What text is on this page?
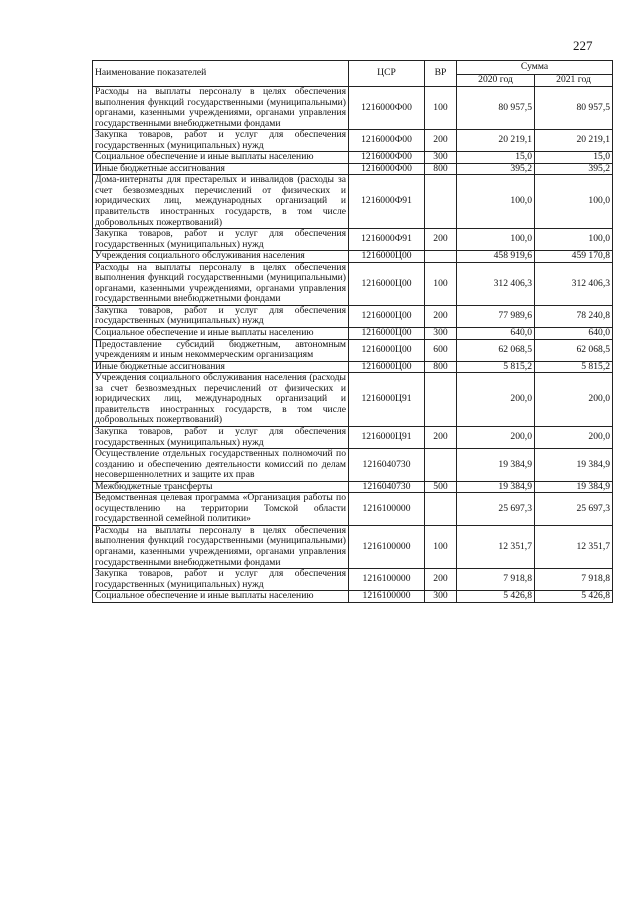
227
Наименование показателей	ЦСР	ВР	Сумма	
			2020 год	2021 год
Расходы на выплаты персоналу в целях обеспечения выполнения функций государственными (муниципальными) органами, казенными учреждениями, органами управления государственными внебюджетными фондами	1216000Ф00	100	80 957,5	80 957,5
Закупка товаров, работ и услуг для обеспечения государственных (муниципальных) нужд	1216000Ф00	200	20 219,1	20 219,1
Социальное обеспечение и иные выплаты населению	1216000Ф00	300	15,0	15,0
Иные бюджетные ассигнования	1216000Ф00	800	395,2	395,2
Дома-интернаты для престарелых и инвалидов (расходы за счет безвозмездных перечислений от физических и юридических лиц, международных организаций и правительств иностранных государств, в том числе добровольных пожертвований)	1216000Ф91		100,0	100,0
Закупка товаров, работ и услуг для обеспечения государственных (муниципальных) нужд	1216000Ф91	200	100,0	100,0
Учреждения социального обслуживания населения	1216000Ц00		458 919,6	459 170,8
Расходы на выплаты персоналу в целях обеспечения выполнения функций государственными (муниципальными) органами, казенными учреждениями, органами управления государственными внебюджетными фондами	1216000Ц00	100	312 406,3	312 406,3
Закупка товаров, работ и услуг для обеспечения государственных (муниципальных) нужд	1216000Ц00	200	77 989,6	78 240,8
Социальное обеспечение и иные выплаты населению	1216000Ц00	300	640,0	640,0
Предоставление субсидий бюджетным, автономным учреждениям и иным некоммерческим организациям	1216000Ц00	600	62 068,5	62 068,5
Иные бюджетные ассигнования	1216000Ц00	800	5 815,2	5 815,2
Учреждения социального обслуживания населения (расходы за счет безвозмездных перечислений от физических и юридических лиц, международных организаций и правительств иностранных государств, в том числе добровольных пожертвований)	1216000Ц91		200,0	200,0
Закупка товаров, работ и услуг для обеспечения государственных (муниципальных) нужд	1216000Ц91	200	200,0	200,0
Осуществление отдельных государственных полномочий по созданию и обеспечению деятельности комиссий по делам несовершеннолетних и защите их прав	1216040730		19 384,9	19 384,9
Межбюджетные трансферты	1216040730	500	19 384,9	19 384,9
Ведомственная целевая программа «Организация работы по осуществлению на территории Томской области государственной семейной политики»	1216100000		25 697,3	25 697,3
Расходы на выплаты персоналу в целях обеспечения выполнения функций государственными (муниципальными) органами, казенными учреждениями, органами управления государственными внебюджетными фондами	1216100000	100	12 351,7	12 351,7
Закупка товаров, работ и услуг для обеспечения государственных (муниципальных) нужд	1216100000	200	7 918,8	7 918,8
Социальное обеспечение и иные выплаты населению	1216100000	300	5 426,8	5 426,8
